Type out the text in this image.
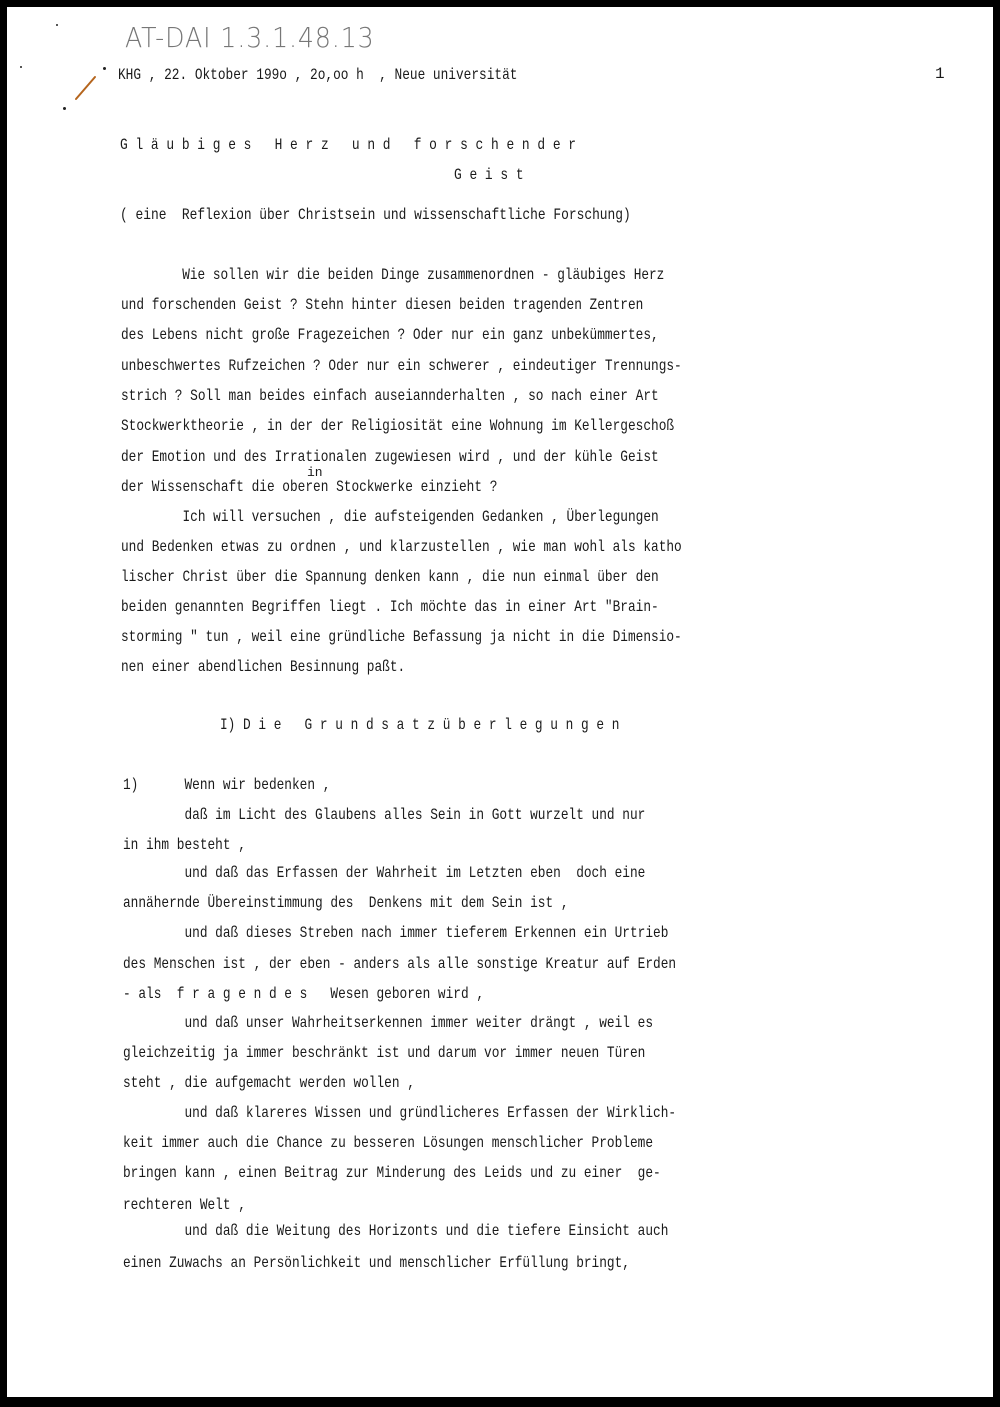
AT-DAI 1.3.1.48.13
KHG , 22. Oktober 199o , 2o,oo h  , Neue universität	1
G l ä u b i g e s   H e r z   u n d   f o r s c h e n d e r
G e i s t
( eine  Reflexion über Christsein und wissenschaftliche Forschung)
Wie sollen wir die beiden Dinge zusammenordnen - gläubiges Herz
und forschenden Geist ? Stehn hinter diesen beiden tragenden Zentren
des Lebens nicht große Fragezeichen ? Oder nur ein ganz unbekümmertes,
unbeschwertes Rufzeichen ? Oder nur ein schwerer , eindeutiger Trennungs-
strich ? Soll man beides einfach auseiannderhalten , so nach einer Art
Stockwerktheorie , in der der Religiosität eine Wohnung im Kellergeschoß
der Emotion und des Irrationalen zugewiesen wird , und der kühle Geist
der Wissenschaft die oberen Stockwerke einzieht ?
in
Ich will versuchen , die aufsteigenden Gedanken , Überlegungen
und Bedenken etwas zu ordnen , und klarzustellen , wie man wohl als katho
lischer Christ über die Spannung denken kann , die nun einmal über den
beiden genannten Begriffen liegt . Ich möchte das in einer Art "Brain-
storming " tun , weil eine gründliche Befassung ja nicht in die Dimensio-
nen einer abendlichen Besinnung paßt.
I) D i e   G r u n d s a t z ü b e r l e g u n g e n
1)      Wenn wir bedenken ,
daß im Licht des Glaubens alles Sein in Gott wurzelt und nur
in ihm besteht ,
und daß das Erfassen der Wahrheit im Letzten eben  doch eine
annähernde Übereinstimmung des  Denkens mit dem Sein ist ,
und daß dieses Streben nach immer tieferem Erkennen ein Urtrieb
des Menschen ist , der eben - anders als alle sonstige Kreatur auf Erden
- als  f r a g e n d e s   Wesen geboren wird ,
und daß unser Wahrheitserkennen immer weiter drängt , weil es
gleichzeitig ja immer beschränkt ist und darum vor immer neuen Türen
steht , die aufgemacht werden wollen ,
und daß klareres Wissen und gründlicheres Erfassen der Wirklich-
keit immer auch die Chance zu besseren Lösungen menschlicher Probleme
bringen kann , einen Beitrag zur Minderung des Leids und zu einer  ge-
rechteren Welt ,
und daß die Weitung des Horizonts und die tiefere Einsicht auch
einen Zuwachs an Persönlichkeit und menschlicher Erfüllung bringt,
